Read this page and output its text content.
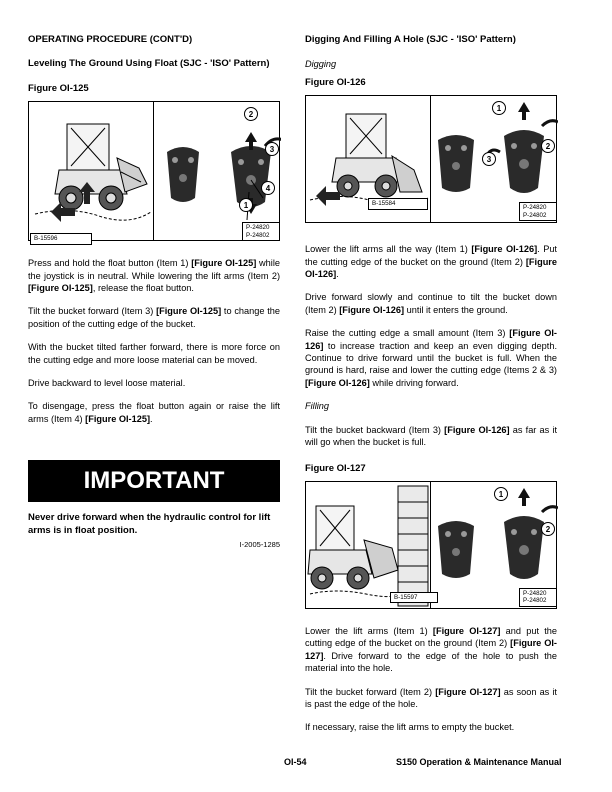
OPERATING PROCEDURE (CONT'D)
Leveling The Ground Using Float (SJC - 'ISO' Pattern)
Figure OI-125
B-15596
2
3
4
1
P-24820
P-24802

Press and hold the float button (Item 1) [Figure OI-125] while the joystick is in neutral. While lowering the lift arms (Item 2) [Figure OI-125], release the float button.

Tilt the bucket forward (Item 3) [Figure OI-125] to change the position of the cutting edge of the bucket.

With the bucket tilted farther forward, there is more force on the cutting edge and more loose material can be moved.

Drive backward to level loose material.

To disengage, press the float button again or raise the lift arms (Item 4) [Figure OI-125].

IMPORTANT

Never drive forward when the hydraulic control for lift arms is in float position.

I-2005-1285

Digging And Filling A Hole (SJC - 'ISO' Pattern)
Digging
Figure OI-126
B-15584
1
2
3
P-24820
P-24802

Lower the lift arms all the way (Item 1) [Figure OI-126]. Put the cutting edge of the bucket on the ground (Item 2) [Figure OI-126].

Drive forward slowly and continue to tilt the bucket down (Item 2) [Figure OI-126] until it enters the ground.

Raise the cutting edge a small amount (Item 3) [Figure OI-126] to increase traction and keep an even digging depth. Continue to drive forward until the bucket is full. When the ground is hard, raise and lower the cutting edge (Items 2 & 3) [Figure OI-126] while driving forward.

Filling

Tilt the bucket backward (Item 3) [Figure OI-126] as far as it will go when the bucket is full.

Figure OI-127
B-15597
1
2
P-24820
P-24802

Lower the lift arms (Item 1) [Figure OI-127] and put the cutting edge of the bucket on the ground (Item 2) [Figure OI-127]. Drive forward to the edge of the hole to push the material into the hole.

Tilt the bucket forward (Item 2) [Figure OI-127] as soon as it is past the edge of the hole.

If necessary, raise the lift arms to empty the bucket.

OI-54	S150 Operation & Maintenance Manual
